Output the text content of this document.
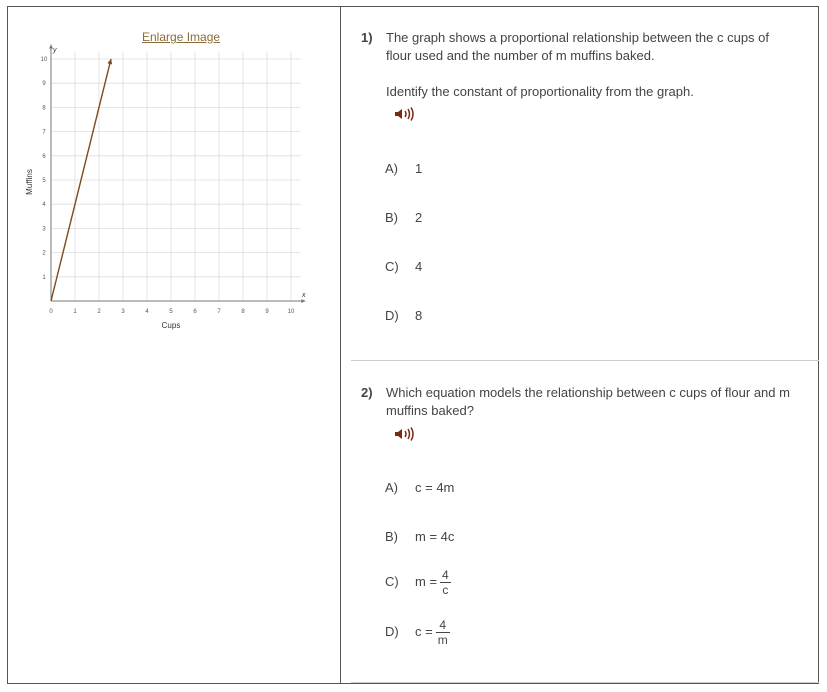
Enlarge Image
0	1	2	3	4	5	6	7	8	9	10
1
2
3
4
5
6
7
8
9
10
Cups
Muffins
x
y
1) The graph shows a proportional relationship between the c cups of flour used and the number of m muffins baked.
Identify the constant of proportionality from the graph.
A) 1
B) 2
C) 4
D) 8
2) Which equation models the relationship between c cups of flour and m muffins baked?
A) c = 4m
B) m = 4c
C) $m = \frac{4}{c}$
D) $c = \frac{4}{m}$
